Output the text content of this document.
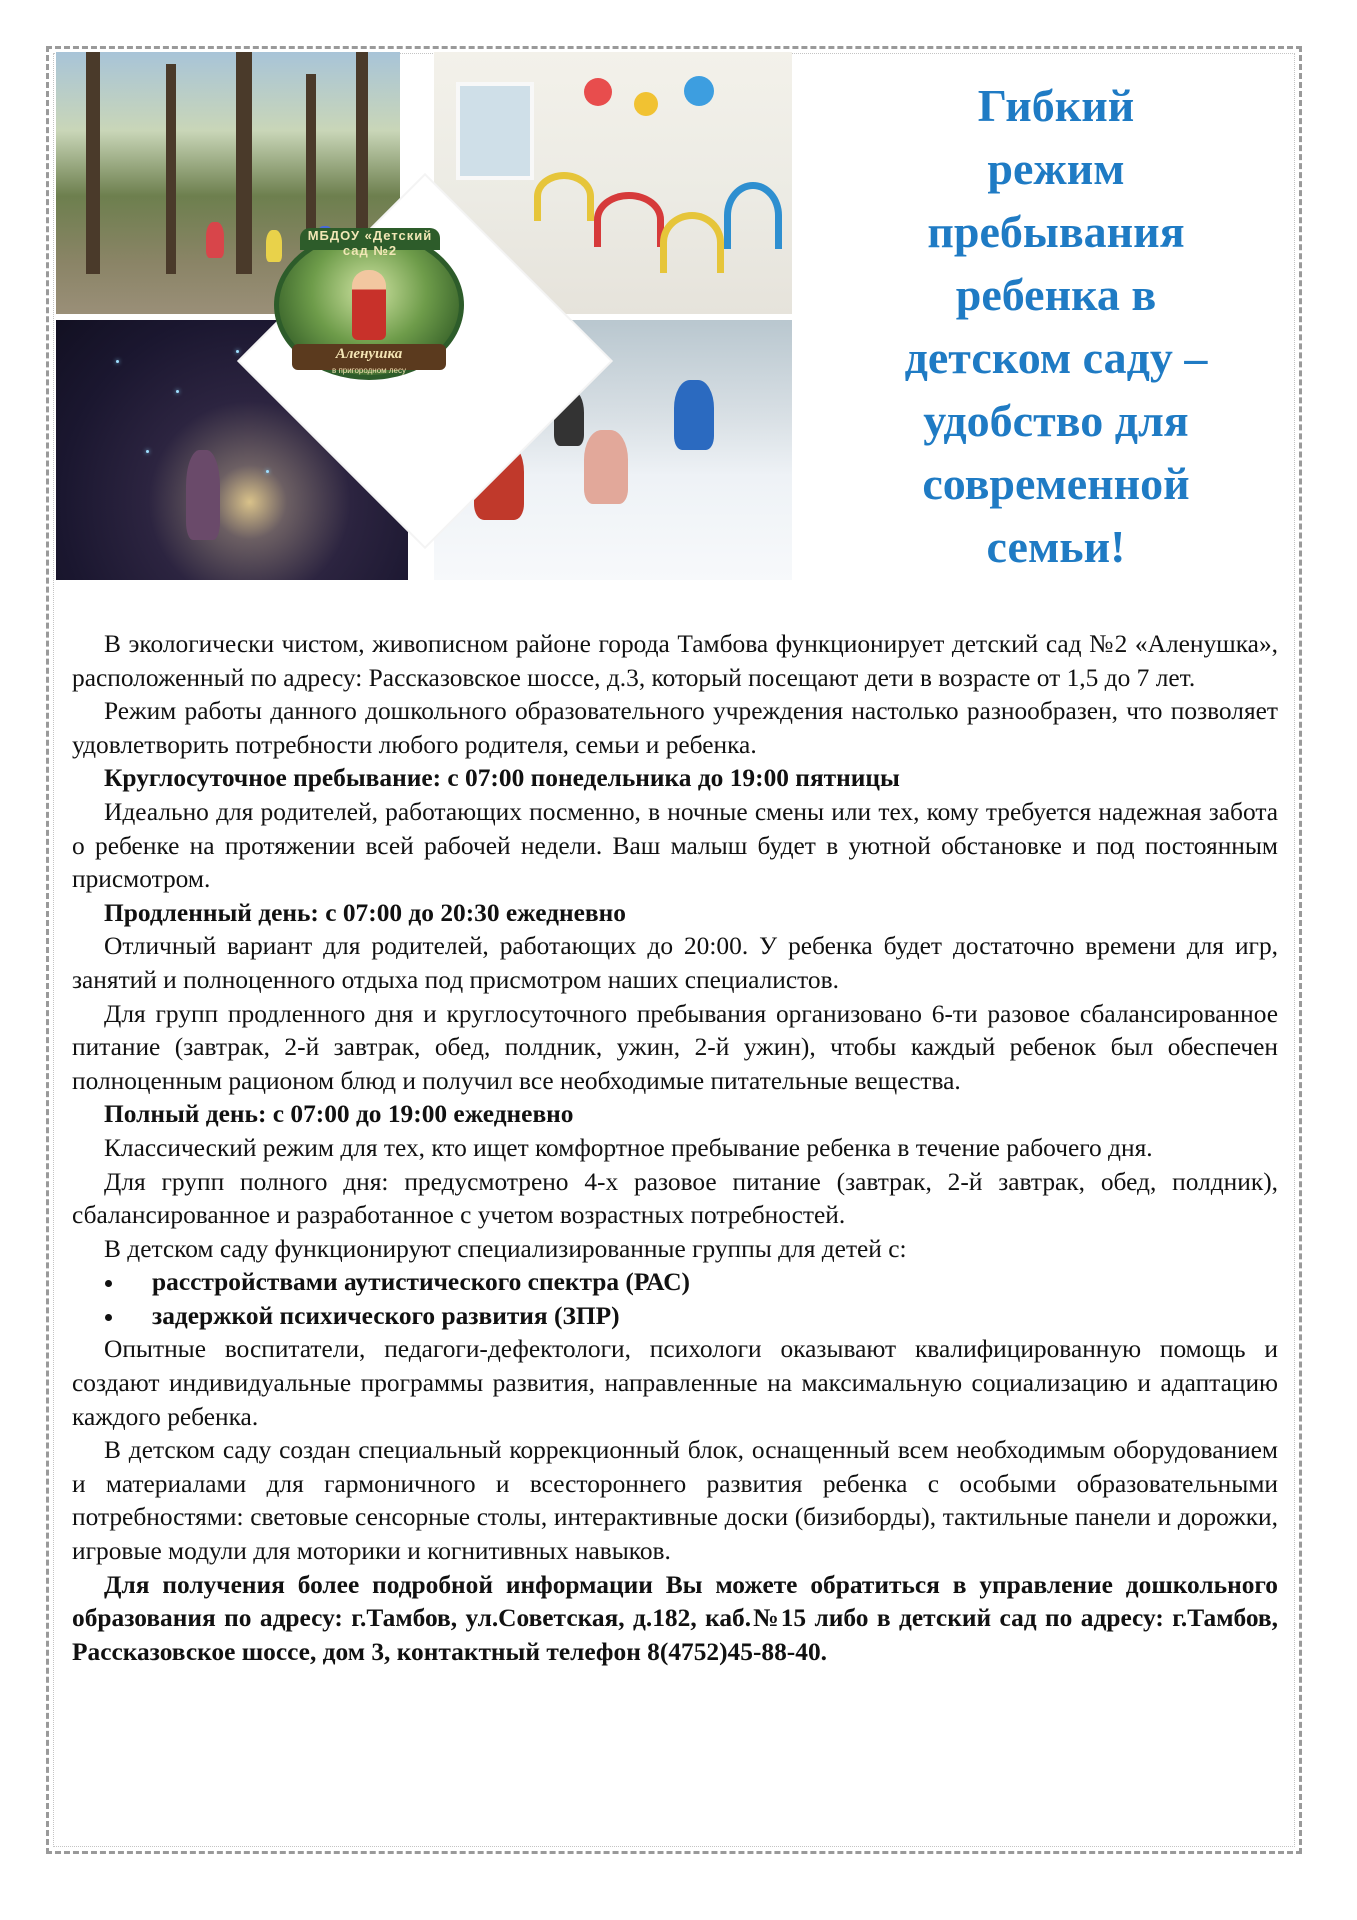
МБДОУ «Детский сад №2
Аленушка
в пригородном лесу
Гибкий
режим
пребывания
ребенка в
детском саду –
удобство для
современной
семьи!

В экологически чистом, живописном районе города Тамбова функционирует детский сад №2 «Аленушка», расположенный по адресу: Рассказовское шоссе, д.3, который посещают дети в возрасте от 1,5 до 7 лет.

Режим работы данного дошкольного образовательного учреждения настолько разнообразен, что позволяет удовлетворить потребности любого родителя, семьи и ребенка.

Круглосуточное пребывание: с 07:00 понедельника до 19:00 пятницы

Идеально для родителей, работающих посменно, в ночные смены или тех, кому требуется надежная забота о ребенке на протяжении всей рабочей недели. Ваш малыш будет в уютной обстановке и под постоянным присмотром.

Продленный день: с 07:00 до 20:30 ежедневно

Отличный вариант для родителей, работающих до 20:00. У ребенка будет достаточно времени для игр, занятий и полноценного отдыха под присмотром наших специалистов.

Для групп продленного дня и круглосуточного пребывания организовано 6-ти разовое сбалансированное питание (завтрак, 2-й завтрак, обед, полдник, ужин, 2-й ужин), чтобы каждый ребенок был обеспечен полноценным рационом блюд и получил все необходимые питательные вещества.

Полный день: с 07:00 до 19:00 ежедневно

Классический режим для тех, кто ищет комфортное пребывание ребенка в течение рабочего дня.

Для групп полного дня: предусмотрено 4-х разовое питание (завтрак, 2-й завтрак, обед, полдник), сбалансированное и разработанное с учетом возрастных потребностей.

В детском саду функционируют специализированные группы для детей с:

расстройствами аутистического спектра (РАС)
задержкой психического развития (ЗПР)

Опытные воспитатели, педагоги-дефектологи, психологи оказывают квалифицированную помощь и создают индивидуальные программы развития, направленные на максимальную социализацию и адаптацию каждого ребенка.

В детском саду создан специальный коррекционный блок, оснащенный всем необходимым оборудованием и материалами для гармоничного и всестороннего развития ребенка с особыми образовательными потребностями: световые сенсорные столы, интерактивные доски (бизиборды), тактильные панели и дорожки, игровые модули для моторики и когнитивных навыков.

Для получения более подробной информации Вы можете обратиться в управление дошкольного образования по адресу: г.Тамбов, ул.Советская, д.182, каб.№15 либо в детский сад по адресу: г.Тамбов, Рассказовское шоссе, дом 3, контактный телефон 8(4752)45-88-40.
